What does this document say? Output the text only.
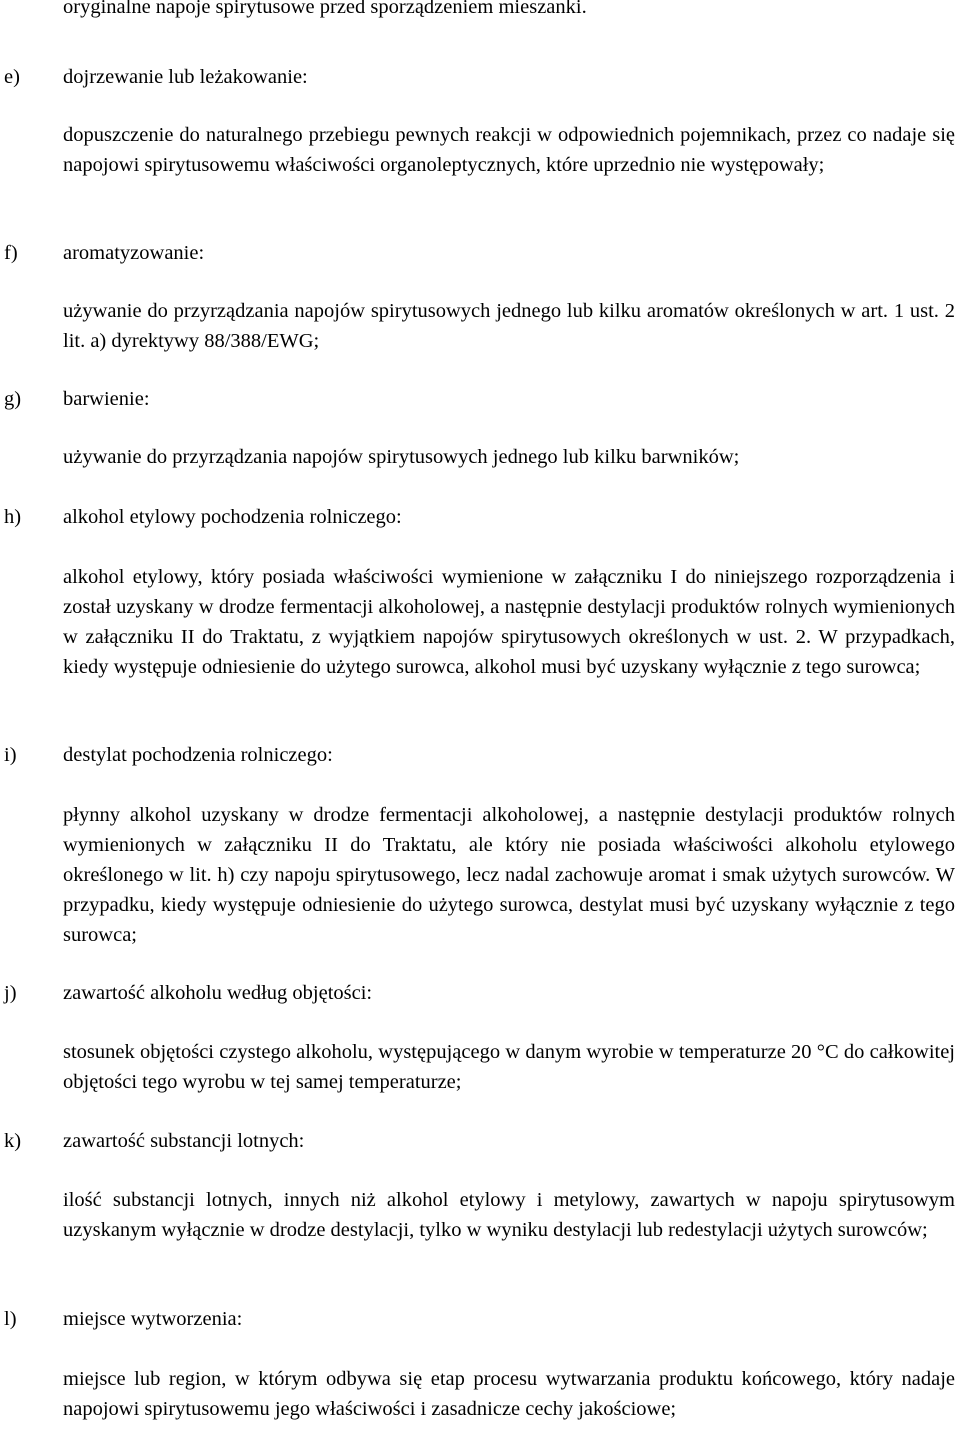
oryginalne napoje spirytusowe przed sporządzeniem mieszanki.

e) dojrzewanie lub leżakowanie:

dopuszczenie do naturalnego przebiegu pewnych reakcji w odpowiednich pojemnikach, przez co nadaje się napojowi spirytusowemu właściwości organoleptycznych, które uprzednio nie występowały;

f) aromatyzowanie:

używanie do przyrządzania napojów spirytusowych jednego lub kilku aromatów określonych w art. 1 ust. 2 lit. a) dyrektywy 88/388/EWG;

g) barwienie:

używanie do przyrządzania napojów spirytusowych jednego lub kilku barwników;

h) alkohol etylowy pochodzenia rolniczego:

alkohol etylowy, który posiada właściwości wymienione w załączniku I do niniejszego rozporządzenia i został uzyskany w drodze fermentacji alkoholowej, a następnie destylacji produktów rolnych wymienionych w załączniku II do Traktatu, z wyjątkiem napojów spirytusowych określonych w ust. 2. W przypadkach, kiedy występuje odniesienie do użytego surowca, alkohol musi być uzyskany wyłącznie z tego surowca;

i) destylat pochodzenia rolniczego:

płynny alkohol uzyskany w drodze fermentacji alkoholowej, a następnie destylacji produktów rolnych wymienionych w załączniku II do Traktatu, ale który nie posiada właściwości alkoholu etylowego określonego w lit. h) czy napoju spirytusowego, lecz nadal zachowuje aromat i smak użytych surowców. W przypadku, kiedy występuje odniesienie do użytego surowca, destylat musi być uzyskany wyłącznie z tego surowca;

j) zawartość alkoholu według objętości:

stosunek objętości czystego alkoholu, występującego w danym wyrobie w temperaturze 20 °C do całkowitej objętości tego wyrobu w tej samej temperaturze;

k) zawartość substancji lotnych:

ilość substancji lotnych, innych niż alkohol etylowy i metylowy, zawartych w napoju spirytusowym uzyskanym wyłącznie w drodze destylacji, tylko w wyniku destylacji lub redestylacji użytych surowców;

l) miejsce wytworzenia:

miejsce lub region, w którym odbywa się etap procesu wytwarzania produktu końcowego, który nadaje napojowi spirytusowemu jego właściwości i zasadnicze cechy jakościowe;
